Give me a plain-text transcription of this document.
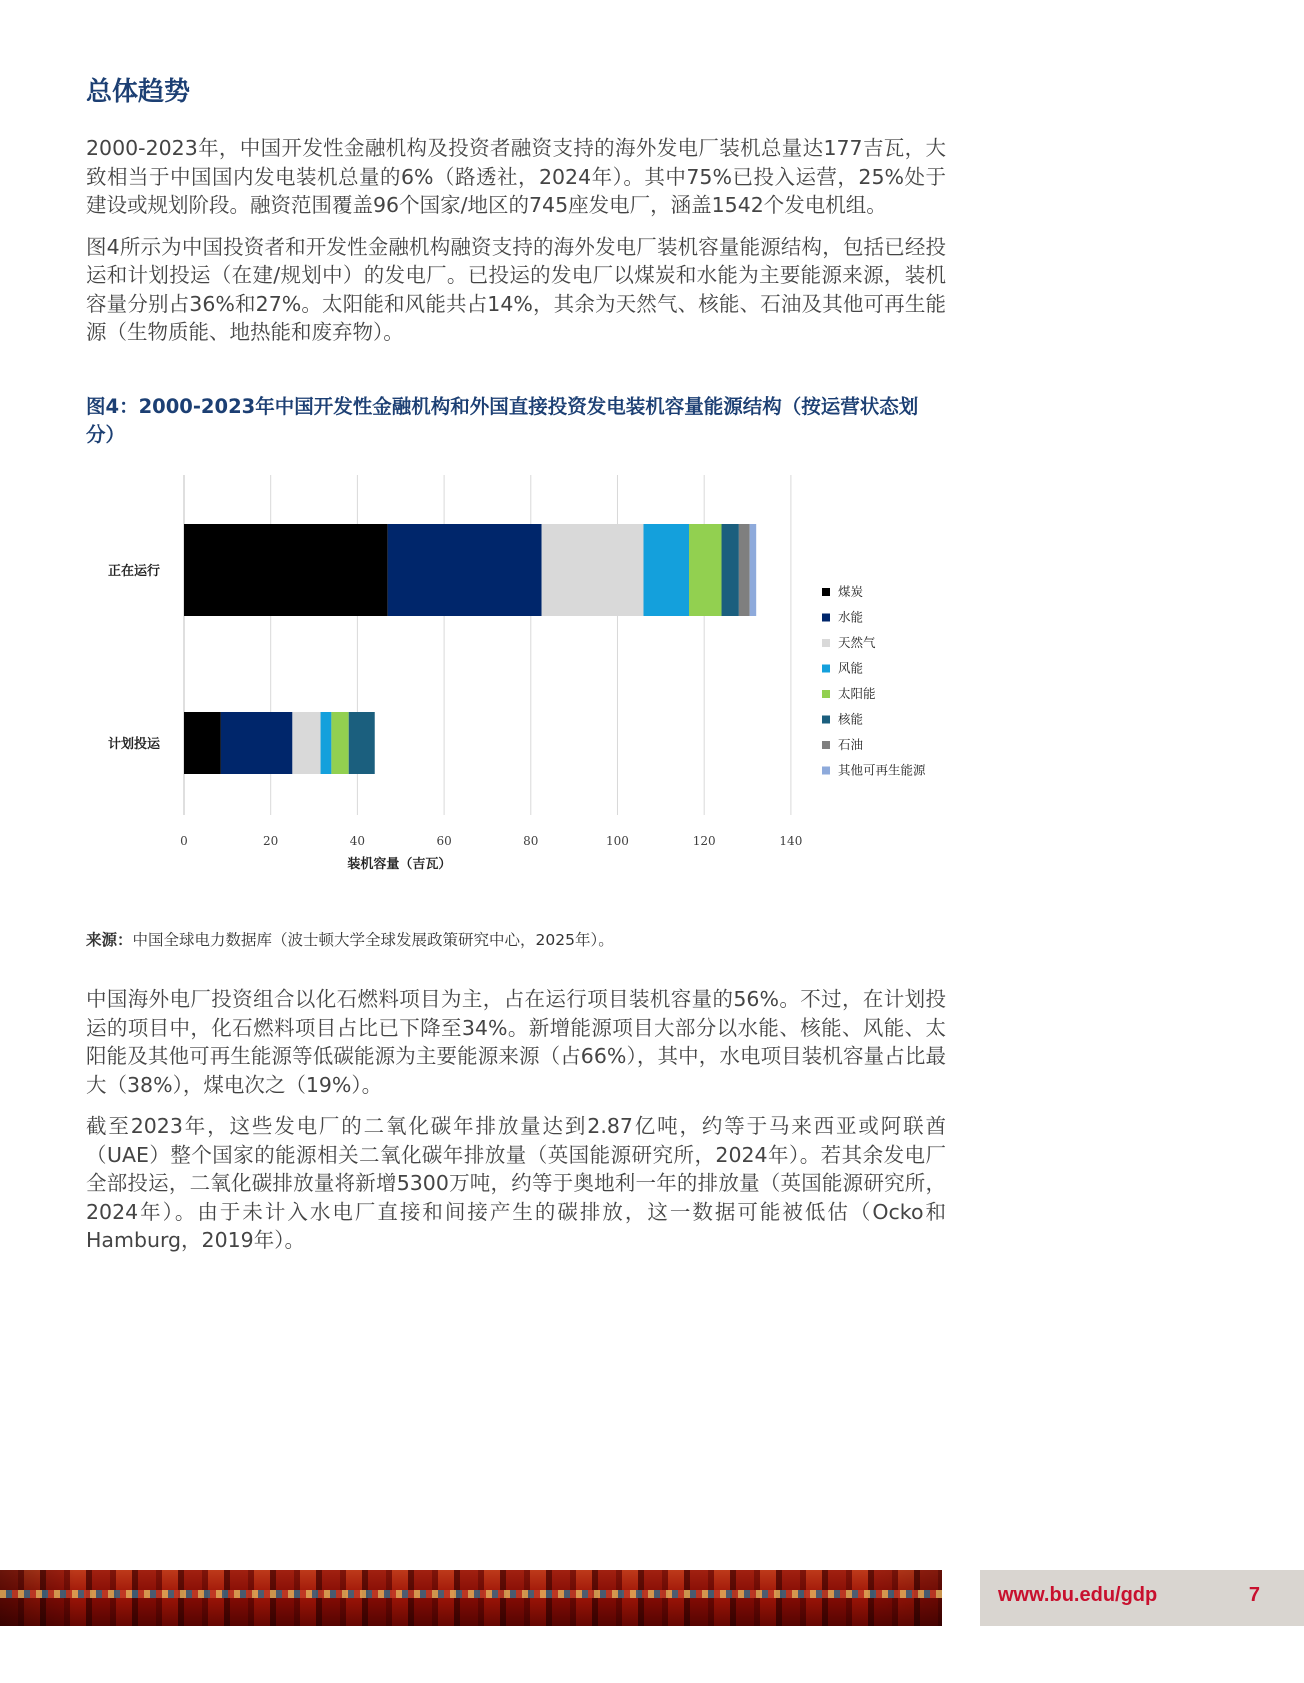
总体趋势

2000-2023年，中国开发性金融机构及投资者融资支持的海外发电厂装机总量达177吉瓦，大致相当于中国国内发电装机总量的6%（路透社，2024年）。其中75%已投入运营，25%处于建设或规划阶段。融资范围覆盖96个国家/地区的745座发电厂，涵盖1542个发电机组。

图4所示为中国投资者和开发性金融机构融资支持的海外发电厂装机容量能源结构，包括已经投运和计划投运（在建/规划中）的发电厂。已投运的发电厂以煤炭和水能为主要能源来源，装机容量分别占36%和27%。太阳能和风能共占14%，其余为天然气、核能、石油及其他可再生能源（生物质能、地热能和废弃物）。

图4：2000-2023年中国开发性金融机构和外国直接投资发电装机容量能源结构（按运营状态划分）
0	20	40	60	80	100	120	140
装机容量（吉瓦）
正在运行
计划投运
煤炭
水能
天然气
风能
太阳能
核能
石油
其他可再生能源
来源：中国全球电力数据库（波士顿大学全球发展政策研究中心，2025年）。

中国海外电厂投资组合以化石燃料项目为主，占在运行项目装机容量的56%。不过，在计划投运的项目中，化石燃料项目占比已下降至34%。新增能源项目大部分以水能、核能、风能、太阳能及其他可再生能源等低碳能源为主要能源来源（占66%），其中，水电项目装机容量占比最大（38%），煤电次之（19%）。

截至2023年，这些发电厂的二氧化碳年排放量达到2.87亿吨，约等于马来西亚或阿联酋（UAE）整个国家的能源相关二氧化碳年排放量（英国能源研究所，2024年）。若其余发电厂全部投运，二氧化碳排放量将新增5300万吨，约等于奥地利一年的排放量（英国能源研究所，2024年）。由于未计入水电厂直接和间接产生的碳排放，这一数据可能被低估（Ocko和Hamburg，2019年）。

www.bu.edu/gdp	7
